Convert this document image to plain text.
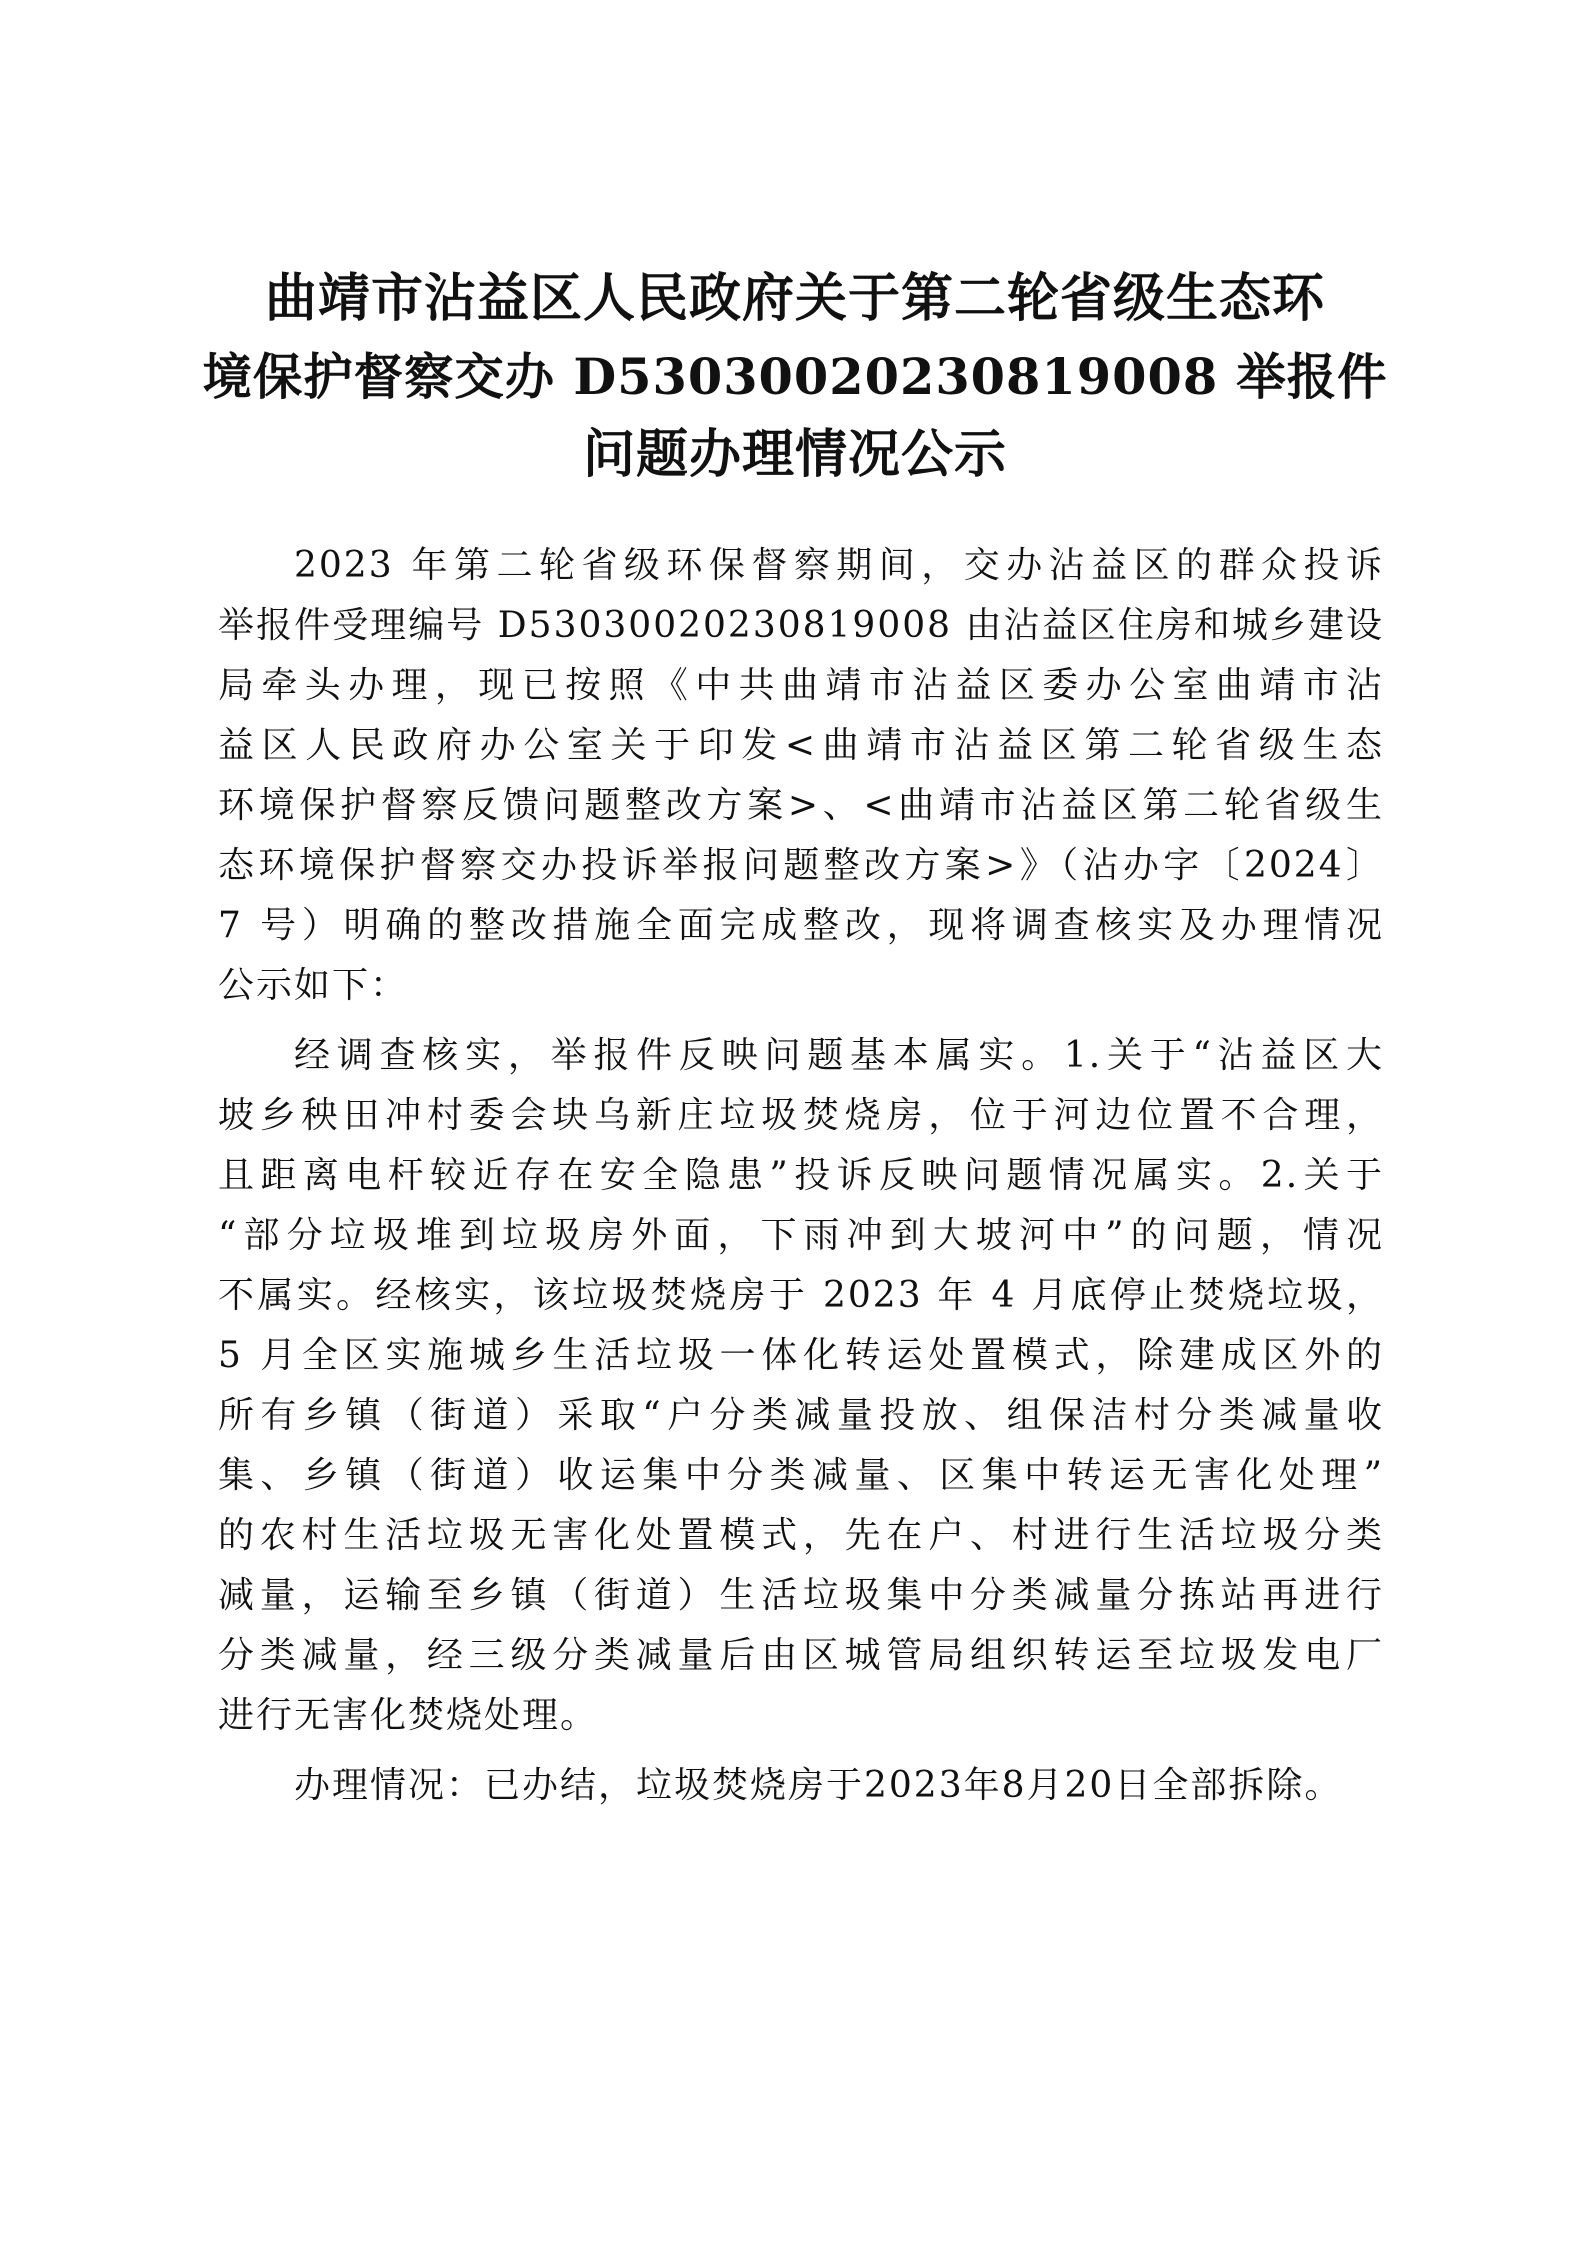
曲靖市沾益区人民政府关于第二轮省级生态环
境保护督察交办 D53030020230819008 举报件
问题办理情况公示

2023 年第二轮省级环保督察期间，交办沾益区的群众投诉
举报件受理编号 D53030020230819008 由沾益区住房和城乡建设
局牵头办理，现已按照《中共曲靖市沾益区委办公室曲靖市沾
益区人民政府办公室关于印发<曲靖市沾益区第二轮省级生态
环境保护督察反馈问题整改方案>、<曲靖市沾益区第二轮省级生
态环境保护督察交办投诉举报问题整改方案>》（沾办字〔2024〕
7 号）明确的整改措施全面完成整改，现将调查核实及办理情况
公示如下：

经调查核实，举报件反映问题基本属实。1.关于“沾益区大
坡乡秧田冲村委会块乌新庄垃圾焚烧房，位于河边位置不合理，
且距离电杆较近存在安全隐患”投诉反映问题情况属实。2.关于
“部分垃圾堆到垃圾房外面，下雨冲到大坡河中”的问题，情况
不属实。经核实，该垃圾焚烧房于 2023 年 4 月底停止焚烧垃圾，
5 月全区实施城乡生活垃圾一体化转运处置模式，除建成区外的
所有乡镇（街道）采取“户分类减量投放、组保洁村分类减量收
集、乡镇（街道）收运集中分类减量、区集中转运无害化处理”
的农村生活垃圾无害化处置模式，先在户、村进行生活垃圾分类
减量，运输至乡镇（街道）生活垃圾集中分类减量分拣站再进行
分类减量，经三级分类减量后由区城管局组织转运至垃圾发电厂
进行无害化焚烧处理。

办理情况：已办结，垃圾焚烧房于2023年8月20日全部拆除。
